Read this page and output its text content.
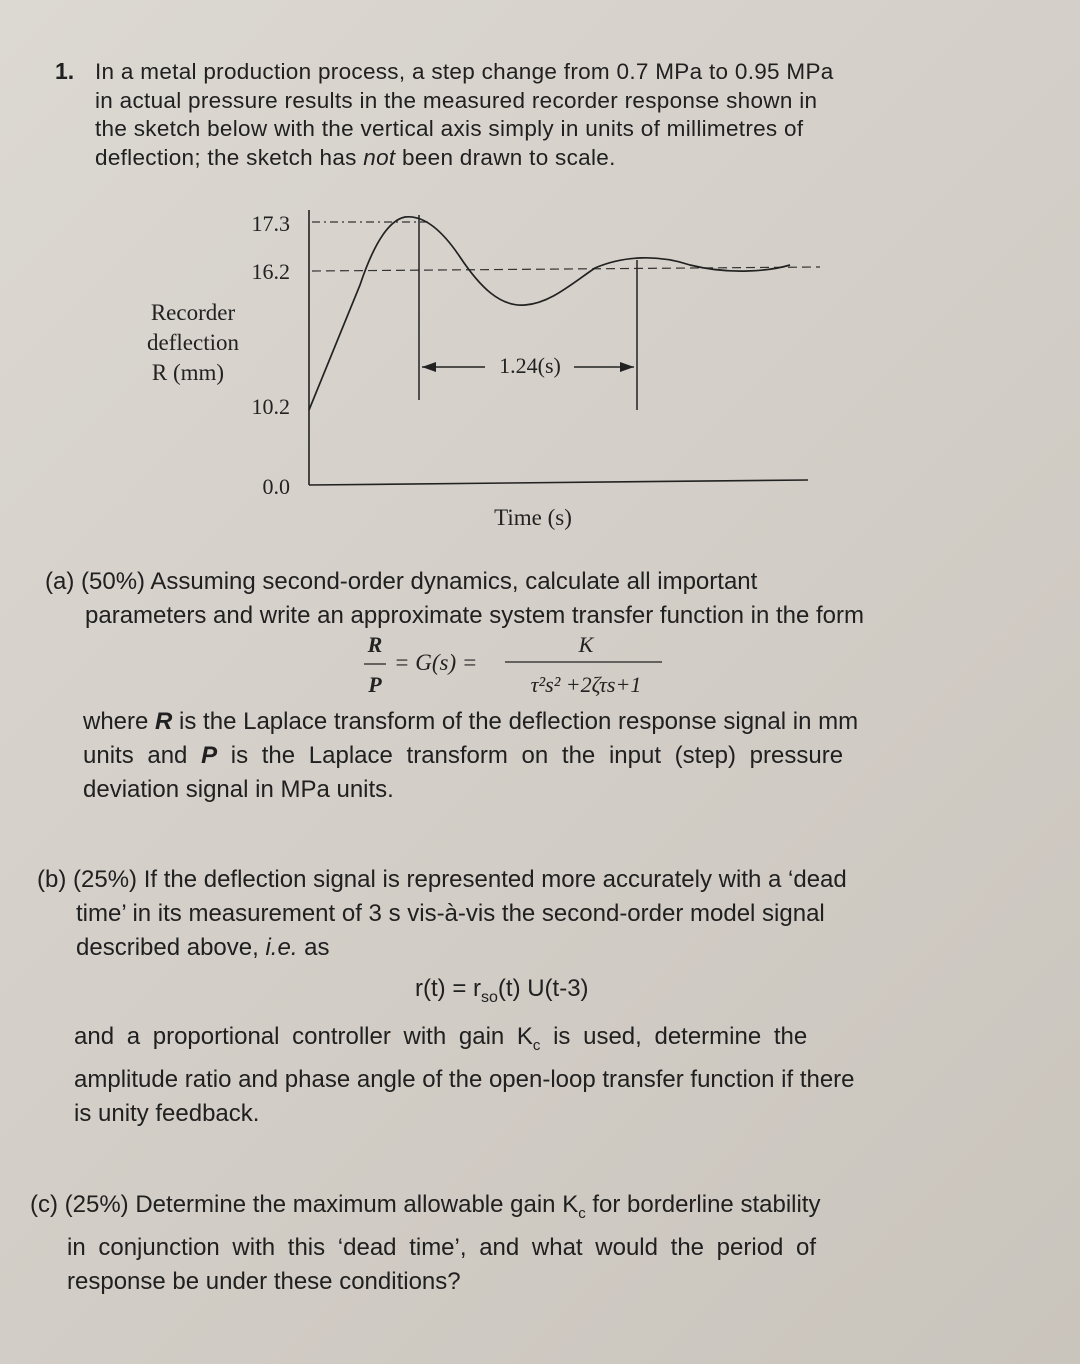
1. In a metal production process, a step change from 0.7 MPa to 0.95 MPa

in actual pressure results in the measured recorder response shown in

the sketch below with the vertical axis simply in units of millimetres of

deflection; the sketch has not been drawn to scale.

1.24(s)
17.3
16.2
10.2
0.0
Recorder
deflection
R (mm)
Time (s)
(a) (50%) Assuming second-order dynamics, calculate all important
parameters and write an approximate system transfer function in the form
R
P
= G(s) =
K
τ²s² +2ζτs+1
where R is the Laplace transform of the deflection response signal in mm
units and P is the Laplace transform on the input (step) pressure
deviation signal in MPa units.
(b) (25%) If the deflection signal is represented more accurately with a ‘dead
time’ in its measurement of 3 s vis-à-vis the second-order model signal
described above, i.e. as
$r(t) = r_{so}(t)$ U(t-3)
and a proportional controller with gain $K_c$ is used, determine the
amplitude ratio and phase angle of the open-loop transfer function if there
is unity feedback.
(c) (25%) Determine the maximum allowable gain $K_c$ for borderline stability
in conjunction with this ‘dead time’, and what would the period of
response be under these conditions?
